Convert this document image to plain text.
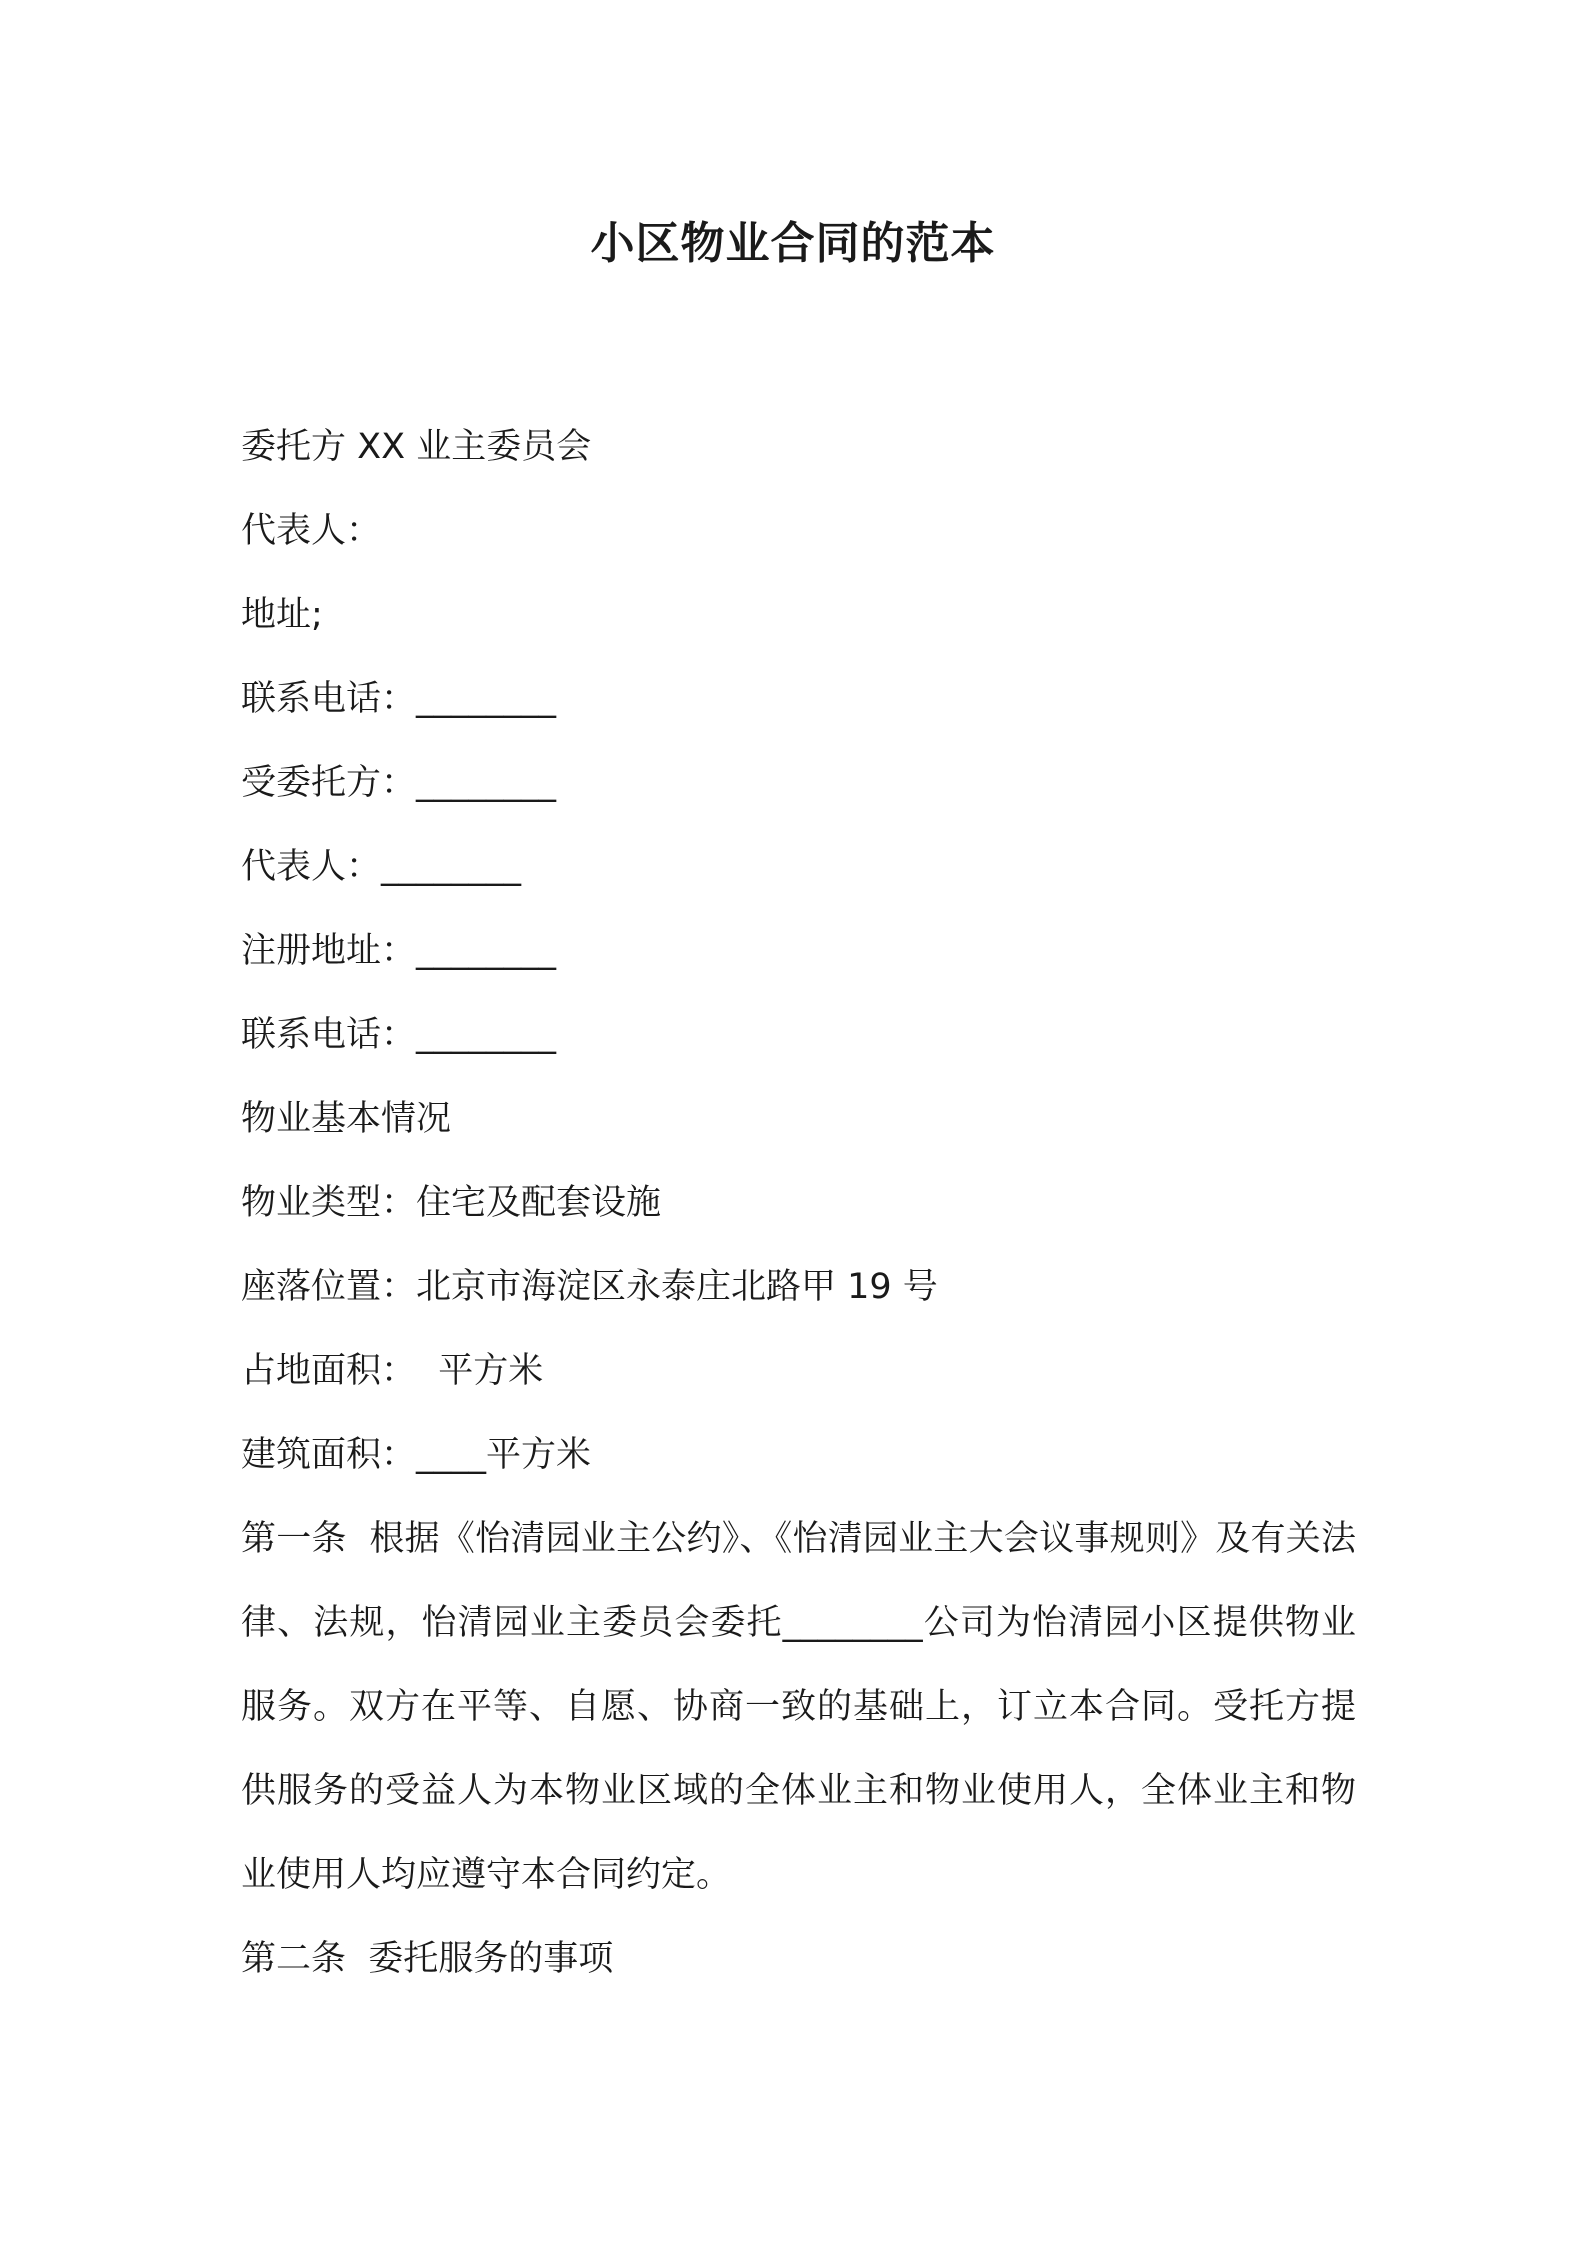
小区物业合同的范本
委托方 XX 业主委员会
代表人：
地址;
联系电话：________
受委托方：________
代表人：________
注册地址：________
联系电话：________
物业基本情况
物业类型：住宅及配套设施
座落位置：北京市海淀区永泰庄北路甲 19 号
占地面积：  平方米
建筑面积：____平方米
第一条  根据《怡清园业主公约》、《怡清园业主大会议事规则》及有关法律、法规，怡清园业主委员会委托________公司为怡清园小区提供物业服务。双方在平等、自愿、协商一致的基础上，订立本合同。受托方提供服务的受益人为本物业区域的全体业主和物业使用人，全体业主和物业使用人均应遵守本合同约定。
第二条  委托服务的事项
